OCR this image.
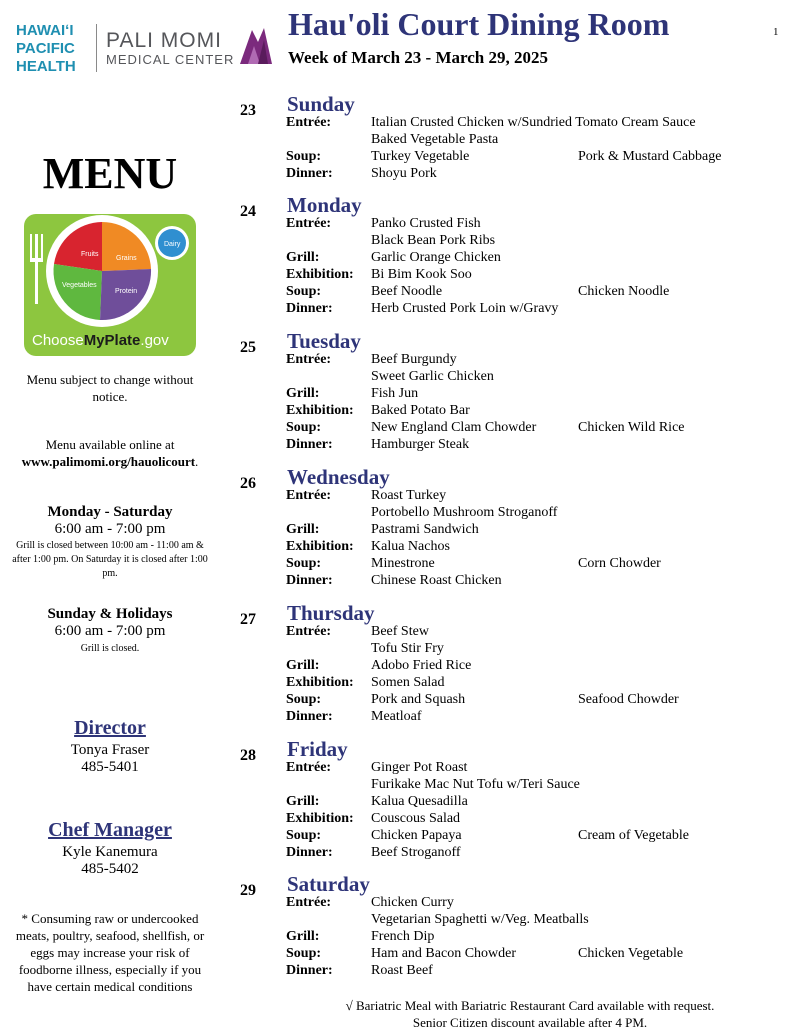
HAWAIʻI
PACIFIC
HEALTH
PALI MOMI
MEDICAL CENTER
Hau'oli Court Dining Room
Week of March 23 - March 29, 2025
1
MENU
Fruits
Grains
Vegetables
Protein
Dairy
ChooseMyPlate.gov
Menu subject to change without notice.
Menu available online at
www.palimomi.org/hauolicourt.
Monday - Saturday
6:00 am - 7:00 pm
Grill is closed between 10:00 am - 11:00 am & after 1:00 pm. On Saturday it is closed after 1:00 pm.
Sunday & Holidays
6:00 am - 7:00 pm
Grill is closed.
Director
Tonya Fraser
485-5401
Chef Manager
Kyle Kanemura
485-5402
* Consuming raw or undercooked meats, poultry, seafood, shellfish, or eggs may increase your risk of foodborne illness, especially if you have certain medical conditions
23 Sunday
Entrée:	Italian Crusted Chicken w/Sundried Tomato Cream Sauce
Baked Vegetable Pasta
Soup:	Turkey Vegetable	Pork & Mustard Cabbage
Dinner:	Shoyu Pork
24 Monday
Entrée:	Panko Crusted Fish
Black Bean Pork Ribs
Grill:	Garlic Orange Chicken
Exhibition: Bi Bim Kook Soo
Soup:	Beef Noodle	Chicken Noodle
Dinner:	Herb Crusted Pork Loin w/Gravy
25 Tuesday
Entrée:	Beef Burgundy
Sweet Garlic Chicken
Grill:	Fish Jun
Exhibition: Baked Potato Bar
Soup:	New England Clam Chowder	Chicken Wild Rice
Dinner:	Hamburger Steak
26 Wednesday
Entrée:	Roast Turkey
Portobello Mushroom Stroganoff
Grill:	Pastrami Sandwich
Exhibition: Kalua Nachos
Soup:	Minestrone	Corn Chowder
Dinner:	Chinese Roast Chicken
27 Thursday
Entrée:	Beef Stew
Tofu Stir Fry
Grill:	Adobo Fried Rice
Exhibition: Somen Salad
Soup:	Pork and Squash	Seafood Chowder
Dinner:	Meatloaf
28 Friday
Entrée:	Ginger Pot Roast
Furikake Mac Nut Tofu w/Teri Sauce
Grill:	Kalua Quesadilla
Exhibition: Couscous Salad
Soup:	Chicken Papaya	Cream of Vegetable
Dinner:	Beef Stroganoff
29 Saturday
Entrée:	Chicken Curry
Vegetarian Spaghetti w/Veg. Meatballs
Grill:	French Dip
Soup:	Ham and Bacon Chowder	Chicken Vegetable
Dinner:	Roast Beef
√ Bariatric Meal with Bariatric Restaurant Card available with request.
Senior Citizen discount available after 4 PM.
